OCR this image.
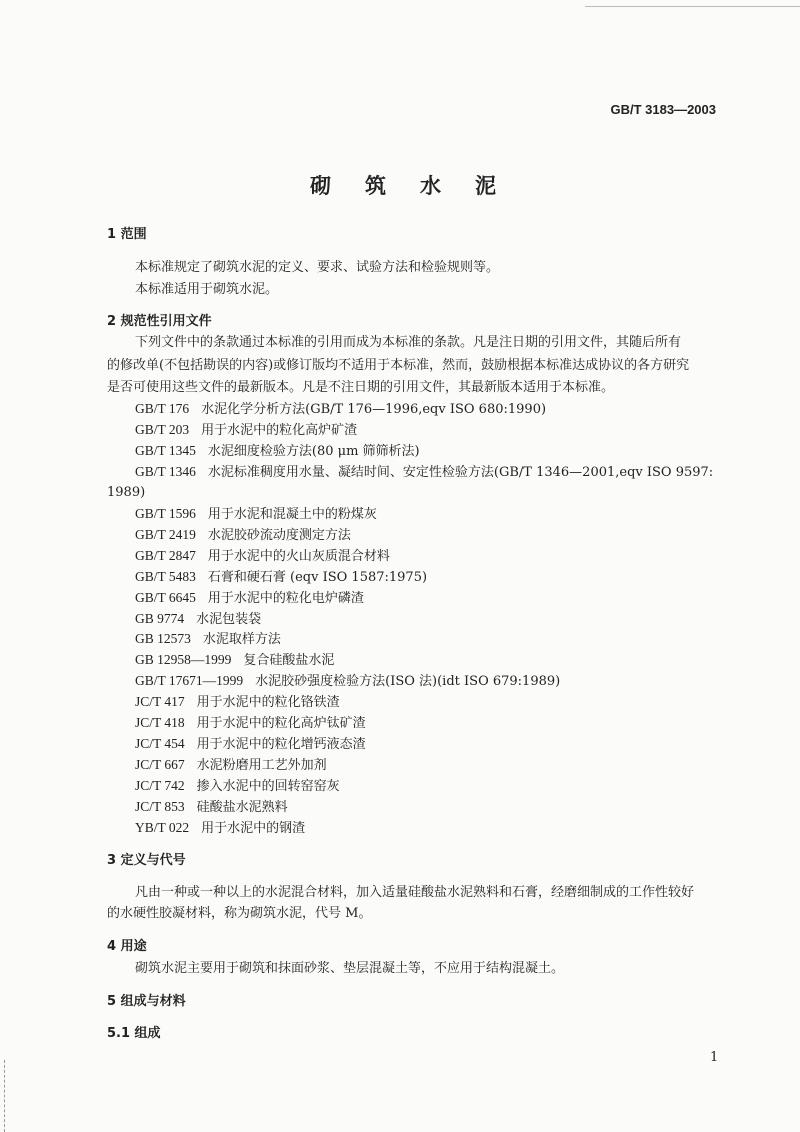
GB/T 3183—2003
砌筑水泥
1 范围
本标准规定了砌筑水泥的定义、要求、试验方法和检验规则等。
本标准适用于砌筑水泥。
2 规范性引用文件
下列文件中的条款通过本标准的引用而成为本标准的条款。凡是注日期的引用文件，其随后所有
的修改单(不包括勘误的内容)或修订版均不适用于本标准，然而，鼓励根据本标准达成协议的各方研究
是否可使用这些文件的最新版本。凡是不注日期的引用文件，其最新版本适用于本标准。
GB/T 176 水泥化学分析方法(GB/T 176—1996,eqv ISO 680:1990)
GB/T 203 用于水泥中的粒化高炉矿渣
GB/T 1345 水泥细度检验方法(80 μm 筛筛析法)
GB/T 1346 水泥标准稠度用水量、凝结时间、安定性检验方法(GB/T 1346—2001,eqv ISO 9597:
1989)
GB/T 1596 用于水泥和混凝土中的粉煤灰
GB/T 2419 水泥胶砂流动度测定方法
GB/T 2847 用于水泥中的火山灰质混合材料
GB/T 5483 石膏和硬石膏 (eqv ISO 1587:1975)
GB/T 6645 用于水泥中的粒化电炉磷渣
GB 9774 水泥包装袋
GB 12573 水泥取样方法
GB 12958—1999 复合硅酸盐水泥
GB/T 17671—1999 水泥胶砂强度检验方法(ISO 法)(idt ISO 679:1989)
JC/T 417 用于水泥中的粒化铬铁渣
JC/T 418 用于水泥中的粒化高炉钛矿渣
JC/T 454 用于水泥中的粒化增钙液态渣
JC/T 667 水泥粉磨用工艺外加剂
JC/T 742 掺入水泥中的回转窑窑灰
JC/T 853 硅酸盐水泥熟料
YB/T 022 用于水泥中的钢渣
3 定义与代号
凡由一种或一种以上的水泥混合材料，加入适量硅酸盐水泥熟料和石膏，经磨细制成的工作性较好
的水硬性胶凝材料，称为砌筑水泥，代号 M。
4 用途
砌筑水泥主要用于砌筑和抹面砂浆、垫层混凝土等，不应用于结构混凝土。
5 组成与材料
5.1 组成
1
